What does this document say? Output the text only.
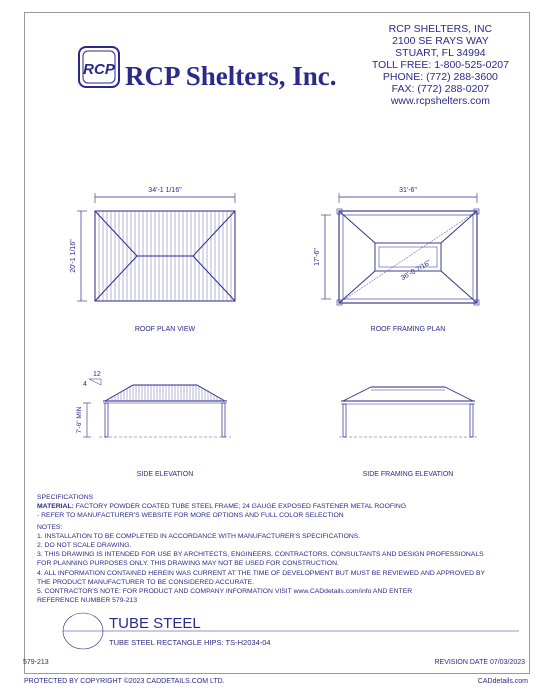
RCP RCP Shelters, Inc.
RCP SHELTERS, INC
2100 SE RAYS WAY
STUART, FL 34994
TOLL FREE: 1-800-525-0207
PHONE: (772) 288-3600
FAX: (772) 288-0207
www.rcpshelters.com
34'-1 1/16"
20'-1 1/16"
ROOF PLAN VIEW
31'-6"
17'-6"
36'-0 7/16"
ROOF FRAMING PLAN
12
4
7'-6" MIN
SIDE ELEVATION	SIDE FRAMING ELEVATION
SPECIFICATIONS
MATERIAL: FACTORY POWDER COATED TUBE STEEL FRAME; 24 GAUGE EXPOSED FASTENER METAL ROOFING
- REFER TO MANUFACTURER'S WEBSITE FOR MORE OPTIONS AND FULL COLOR SELECTION
NOTES:
1. INSTALLATION TO BE COMPLETED IN ACCORDANCE WITH MANUFACTURER'S SPECIFICATIONS.
2. DO NOT SCALE DRAWING.
3. THIS DRAWING IS INTENDED FOR USE BY ARCHITECTS, ENGINEERS, CONTRACTORS, CONSULTANTS AND DESIGN PROFESSIONALS
FOR PLANNING PURPOSES ONLY. THIS DRAWING MAY NOT BE USED FOR CONSTRUCTION.
4. ALL INFORMATION CONTAINED HEREIN WAS CURRENT AT THE TIME OF DEVELOPMENT BUT MUST BE REVIEWED AND APPROVED BY
THE PRODUCT MANUFACTURER TO BE CONSIDERED ACCURATE.
5. CONTRACTOR'S NOTE: FOR PRODUCT AND COMPANY INFORMATION VISIT www.CADdetails.com/info AND ENTER
REFERENCE NUMBER 579-213
TUBE STEEL
TUBE STEEL RECTANGLE HIPS: TS-H2034-04
579-213	REVISION DATE 07/03/2023
PROTECTED BY COPYRIGHT ©2023 CADDETAILS.COM LTD.	CADdetails.com
